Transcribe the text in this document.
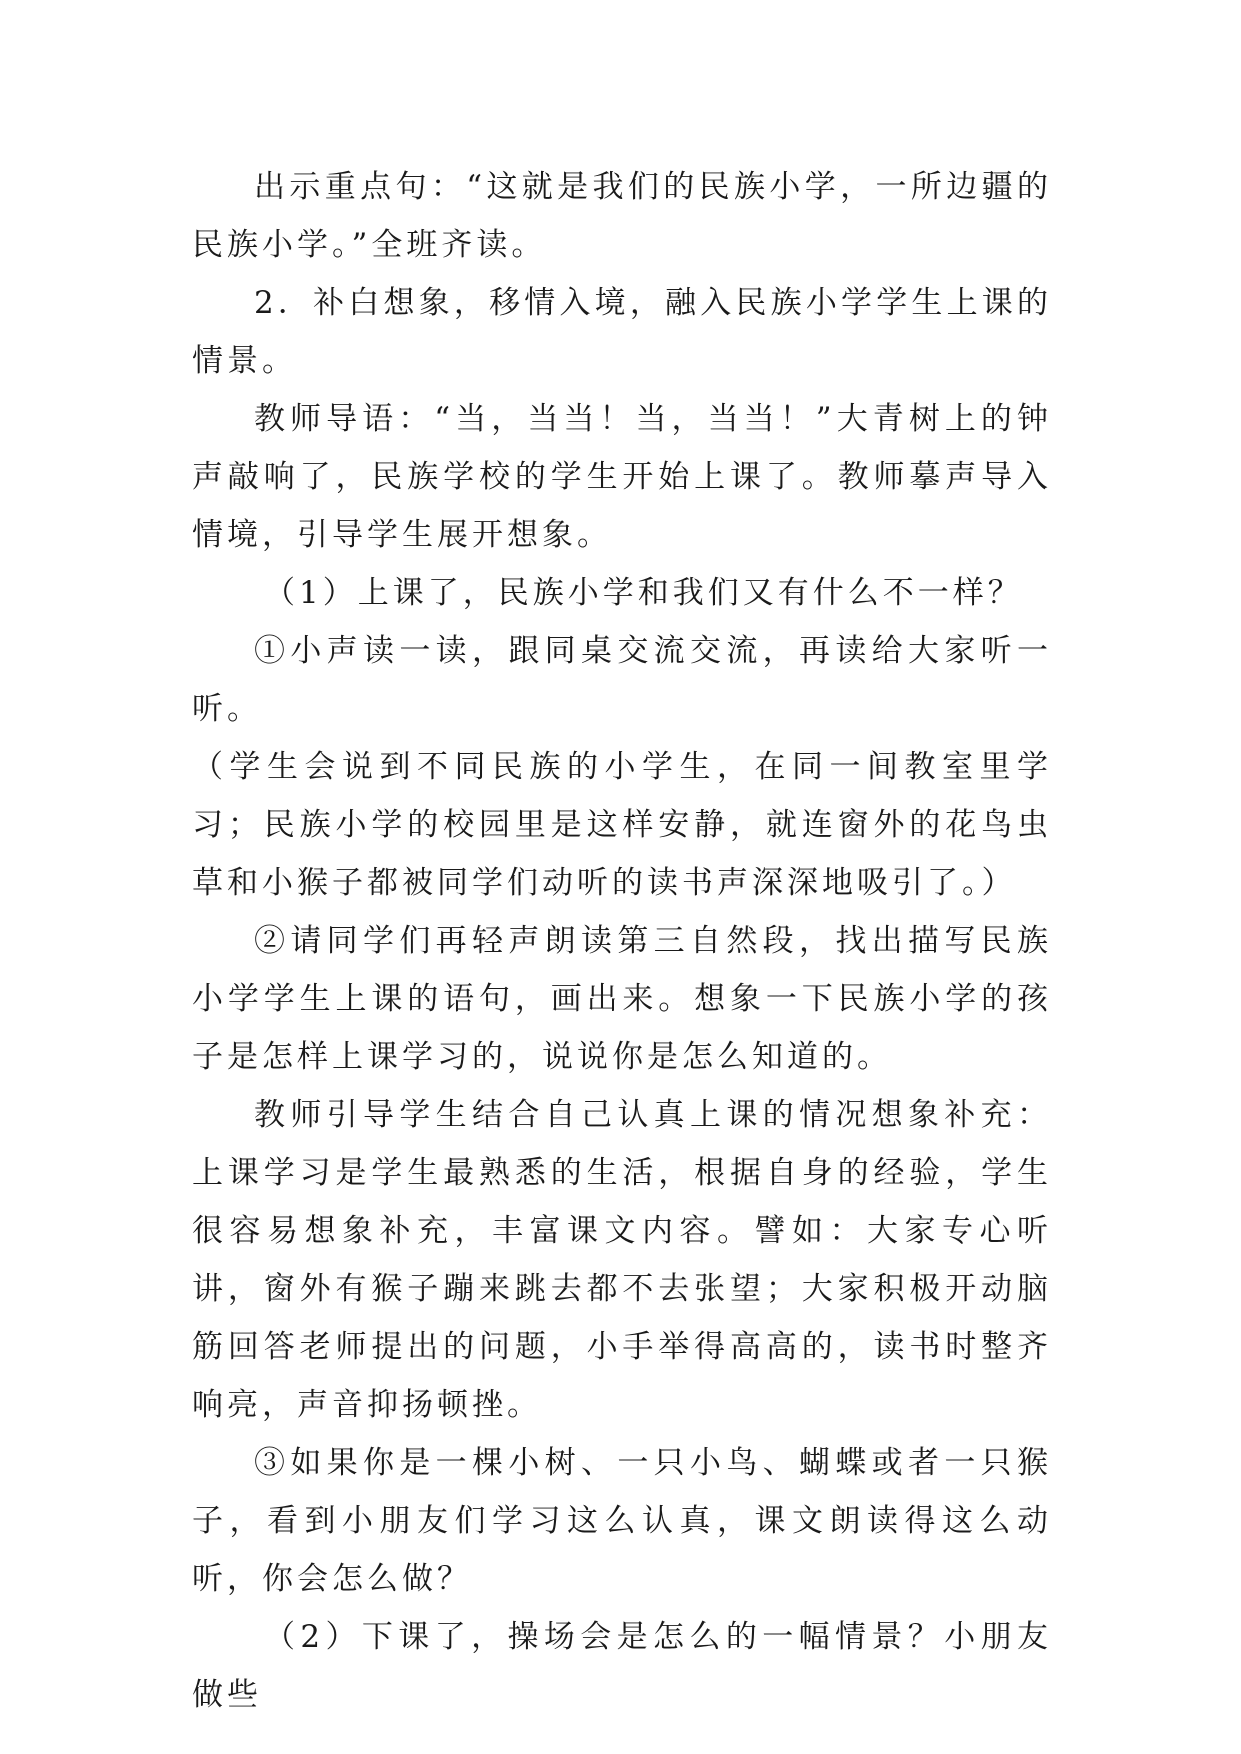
出示重点句：“这就是我们的民族小学，一所边疆的民族小学。”全班齐读。

2．补白想象，移情入境，融入民族小学学生上课的情景。

教师导语：“当，当当！当，当当！”大青树上的钟声敲响了，民族学校的学生开始上课了。教师摹声导入情境，引导学生展开想象。

（1）上课了，民族小学和我们又有什么不一样？

①小声读一读，跟同桌交流交流，再读给大家听一听。

（学生会说到不同民族的小学生，在同一间教室里学习；民族小学的校园里是这样安静，就连窗外的花鸟虫草和小猴子都被同学们动听的读书声深深地吸引了。）

②请同学们再轻声朗读第三自然段，找出描写民族小学学生上课的语句，画出来。想象一下民族小学的孩子是怎样上课学习的，说说你是怎么知道的。

教师引导学生结合自己认真上课的情况想象补充：上课学习是学生最熟悉的生活，根据自身的经验，学生很容易想象补充，丰富课文内容。譬如：大家专心听讲，窗外有猴子蹦来跳去都不去张望；大家积极开动脑筋回答老师提出的问题，小手举得高高的，读书时整齐响亮，声音抑扬顿挫。

③如果你是一棵小树、一只小鸟、蝴蝶或者一只猴子，看到小朋友们学习这么认真，课文朗读得这么动听，你会怎么做？

（2）下课了，操场会是怎么的一幅情景？小朋友做些
